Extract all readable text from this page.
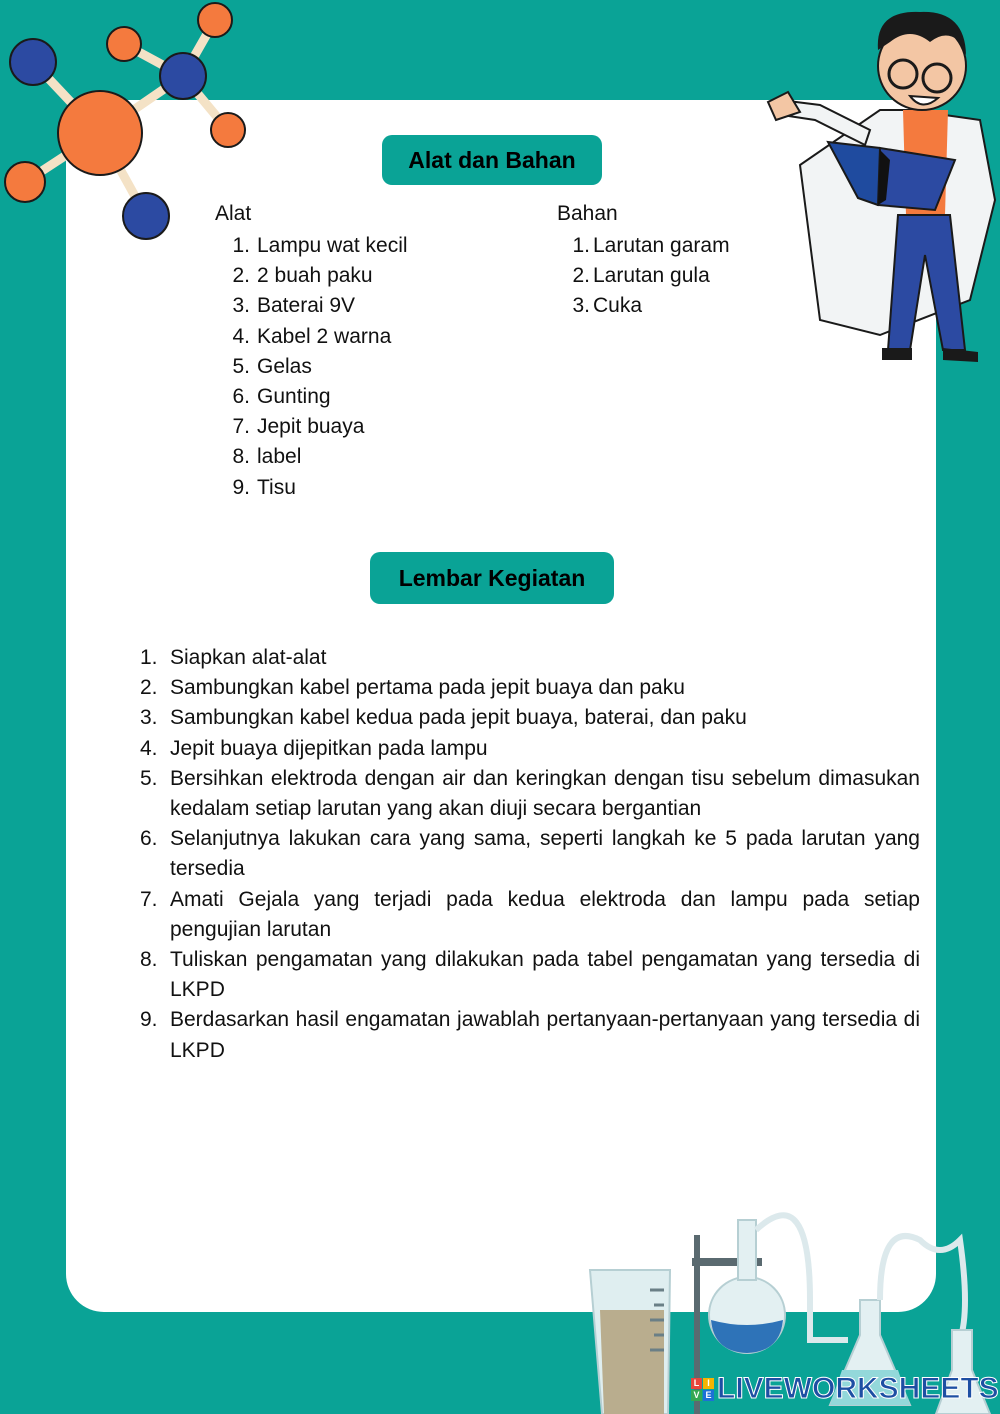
Alat dan Bahan
Alat
1. Lampu wat kecil
2. 2 buah paku
3. Baterai 9V
4. Kabel 2 warna
5. Gelas
6. Gunting
7. Jepit buaya
8. label
9. Tisu
Bahan
1. Larutan garam
2. Larutan gula
3. Cuka
Lembar Kegiatan
1. Siapkan alat-alat
2. Sambungkan kabel pertama pada jepit buaya dan paku
3. Sambungkan kabel kedua pada jepit buaya, baterai, dan paku
4. Jepit buaya dijepitkan pada lampu
5. Bersihkan elektroda dengan air dan keringkan dengan tisu sebelum dimasukan kedalam setiap larutan yang akan diuji secara bergantian
6. Selanjutnya lakukan cara yang sama, seperti langkah ke 5 pada larutan yang tersedia
7. Amati Gejala yang terjadi pada kedua elektroda dan lampu pada setiap pengujian larutan
8. Tuliskan pengamatan yang dilakukan pada tabel pengamatan yang tersedia di LKPD
9. Berdasarkan hasil engamatan jawablah pertanyaan-pertanyaan yang tersedia di LKPD
L I
V E LIVEWORKSHEETS
